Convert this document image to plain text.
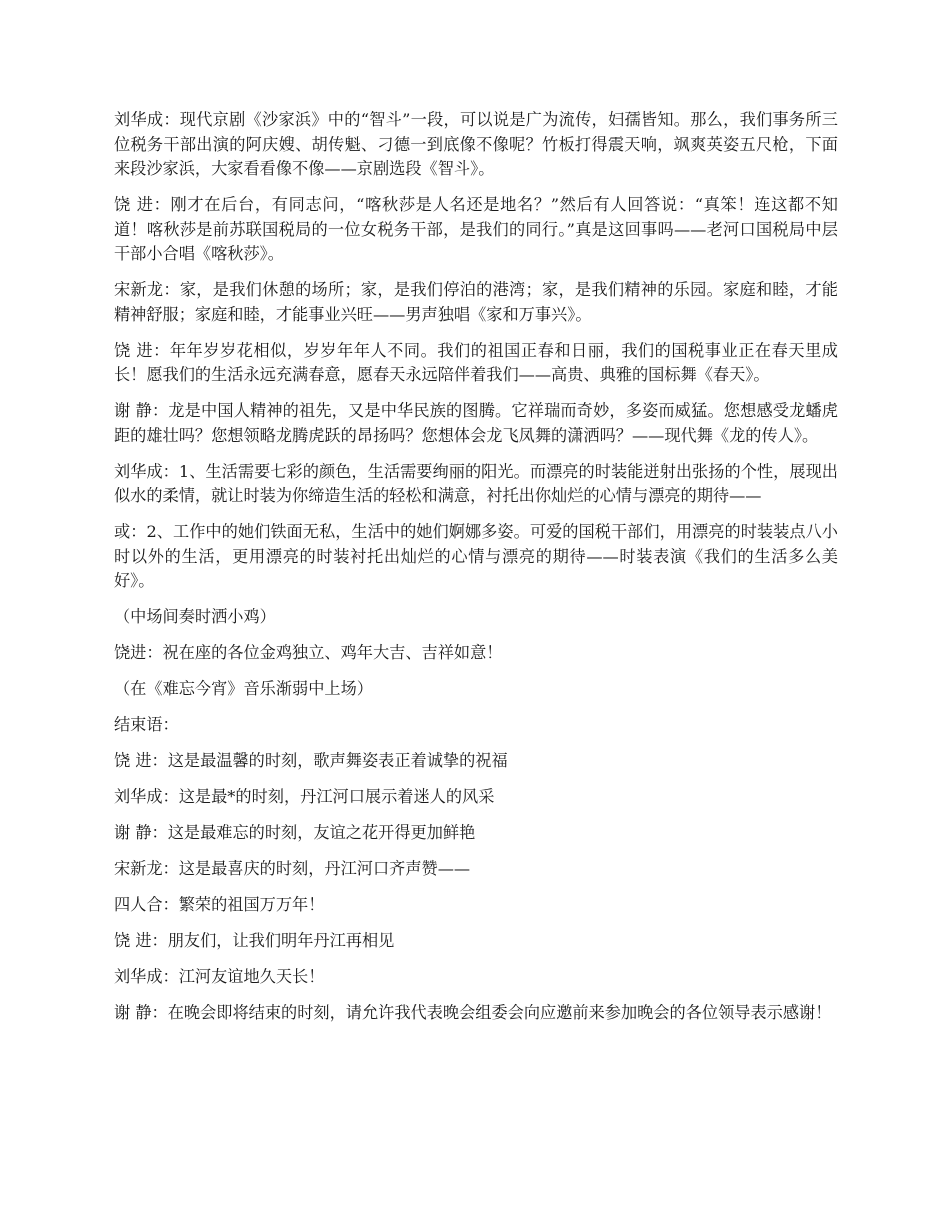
刘华成：现代京剧《沙家浜》中的“智斗”一段，可以说是广为流传，妇孺皆知。那么，我们事务所三位税务干部出演的阿庆嫂、胡传魁、刁德一到底像不像呢？竹板打得震天响，飒爽英姿五尺枪，下面来段沙家浜，大家看看像不像——京剧选段《智斗》。

饶 进：刚才在后台，有同志问，“喀秋莎是人名还是地名？”然后有人回答说：“真笨！连这都不知道！喀秋莎是前苏联国税局的一位女税务干部，是我们的同行。”真是这回事吗——老河口国税局中层干部小合唱《喀秋莎》。

宋新龙：家，是我们休憩的场所；家，是我们停泊的港湾；家，是我们精神的乐园。家庭和睦，才能精神舒服；家庭和睦，才能事业兴旺——男声独唱《家和万事兴》。

饶 进：年年岁岁花相似，岁岁年年人不同。我们的祖国正春和日丽，我们的国税事业正在春天里成长！愿我们的生活永远充满春意，愿春天永远陪伴着我们——高贵、典雅的国标舞《春天》。

谢 静：龙是中国人精神的祖先，又是中华民族的图腾。它祥瑞而奇妙，多姿而威猛。您想感受龙蟠虎距的雄壮吗？您想领略龙腾虎跃的昂扬吗？您想体会龙飞凤舞的潇洒吗？——现代舞《龙的传人》。

刘华成：1、生活需要七彩的颜色，生活需要绚丽的阳光。而漂亮的时装能迸射出张扬的个性，展现出似水的柔情，就让时装为你缔造生活的轻松和满意，衬托出你灿烂的心情与漂亮的期待——

或：2、工作中的她们铁面无私，生活中的她们婀娜多姿。可爱的国税干部们，用漂亮的时装装点八小时以外的生活，更用漂亮的时装衬托出灿烂的心情与漂亮的期待——时装表演《我们的生活多么美好》。

（中场间奏时洒小鸡）

饶进：祝在座的各位金鸡独立、鸡年大吉、吉祥如意！

（在《难忘今宵》音乐渐弱中上场）

结束语：

饶 进：这是最温馨的时刻，歌声舞姿表正着诚挚的祝福

刘华成：这是最*的时刻，丹江河口展示着迷人的风采

谢 静：这是最难忘的时刻，友谊之花开得更加鲜艳

宋新龙：这是最喜庆的时刻，丹江河口齐声赞——

四人合：繁荣的祖国万万年！

饶 进：朋友们，让我们明年丹江再相见

刘华成：江河友谊地久天长！

谢 静：在晚会即将结束的时刻，请允许我代表晚会组委会向应邀前来参加晚会的各位领导表示感谢！
